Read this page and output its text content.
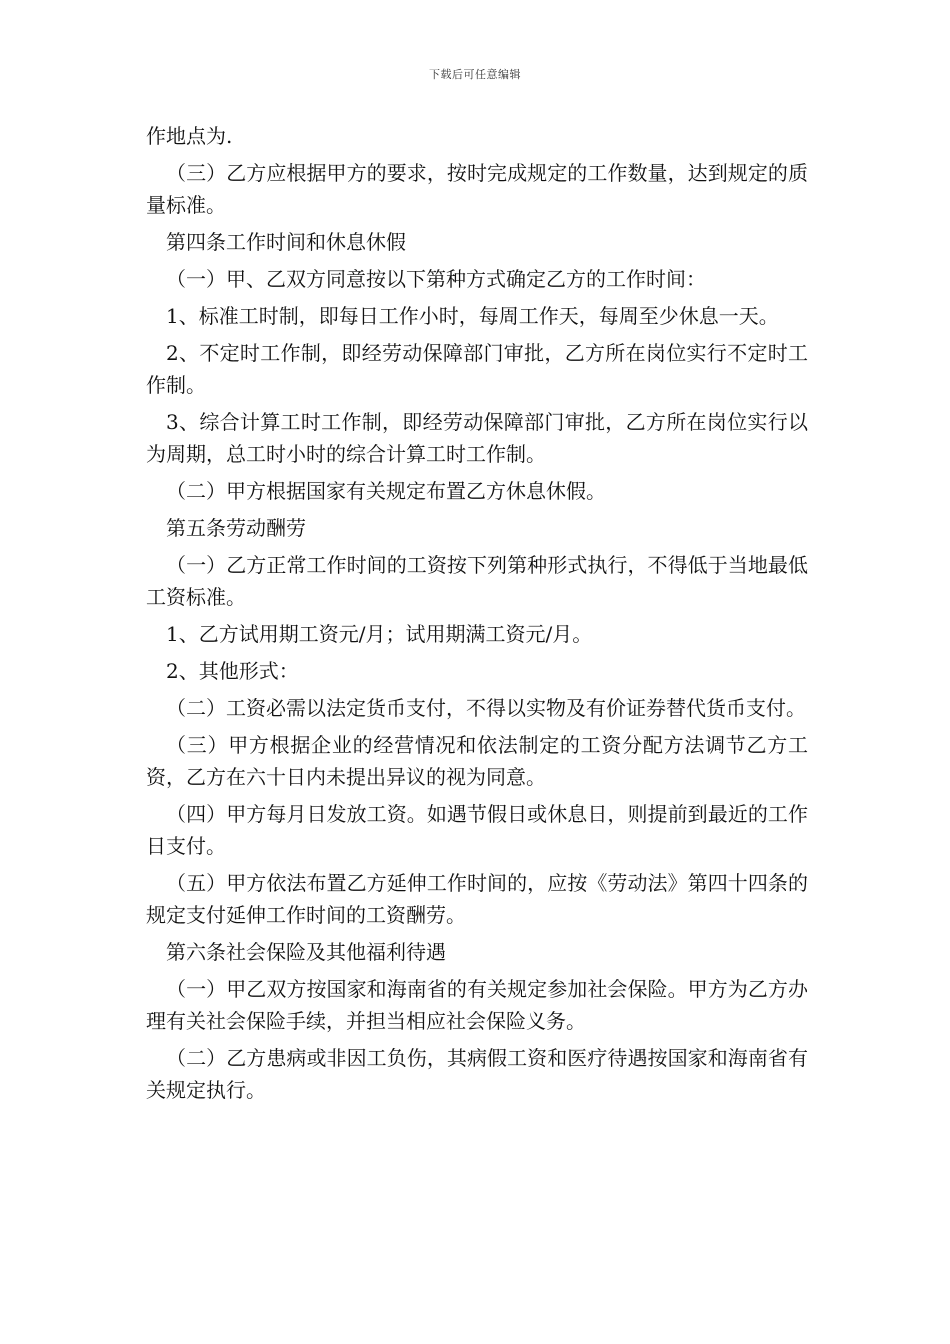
下载后可任意编辑

作地点为.

（三）乙方应根据甲方的要求，按时完成规定的工作数量，达到规定的质量标准。

第四条工作时间和休息休假

（一）甲、乙双方同意按以下第种方式确定乙方的工作时间：

1、标准工时制，即每日工作小时，每周工作天，每周至少休息一天。

2、不定时工作制，即经劳动保障部门审批，乙方所在岗位实行不定时工作制。

3、综合计算工时工作制，即经劳动保障部门审批，乙方所在岗位实行以为周期，总工时小时的综合计算工时工作制。

（二）甲方根据国家有关规定布置乙方休息休假。

第五条劳动酬劳

（一）乙方正常工作时间的工资按下列第种形式执行，不得低于当地最低工资标准。

1、乙方试用期工资元/月；试用期满工资元/月。

2、其他形式：

（二）工资必需以法定货币支付，不得以实物及有价证券替代货币支付。

（三）甲方根据企业的经营情况和依法制定的工资分配方法调节乙方工资，乙方在六十日内未提出异议的视为同意。

（四）甲方每月日发放工资。如遇节假日或休息日，则提前到最近的工作日支付。

（五）甲方依法布置乙方延伸工作时间的，应按《劳动法》第四十四条的规定支付延伸工作时间的工资酬劳。

第六条社会保险及其他福利待遇

（一）甲乙双方按国家和海南省的有关规定参加社会保险。甲方为乙方办理有关社会保险手续，并担当相应社会保险义务。

（二）乙方患病或非因工负伤，其病假工资和医疗待遇按国家和海南省有关规定执行。
